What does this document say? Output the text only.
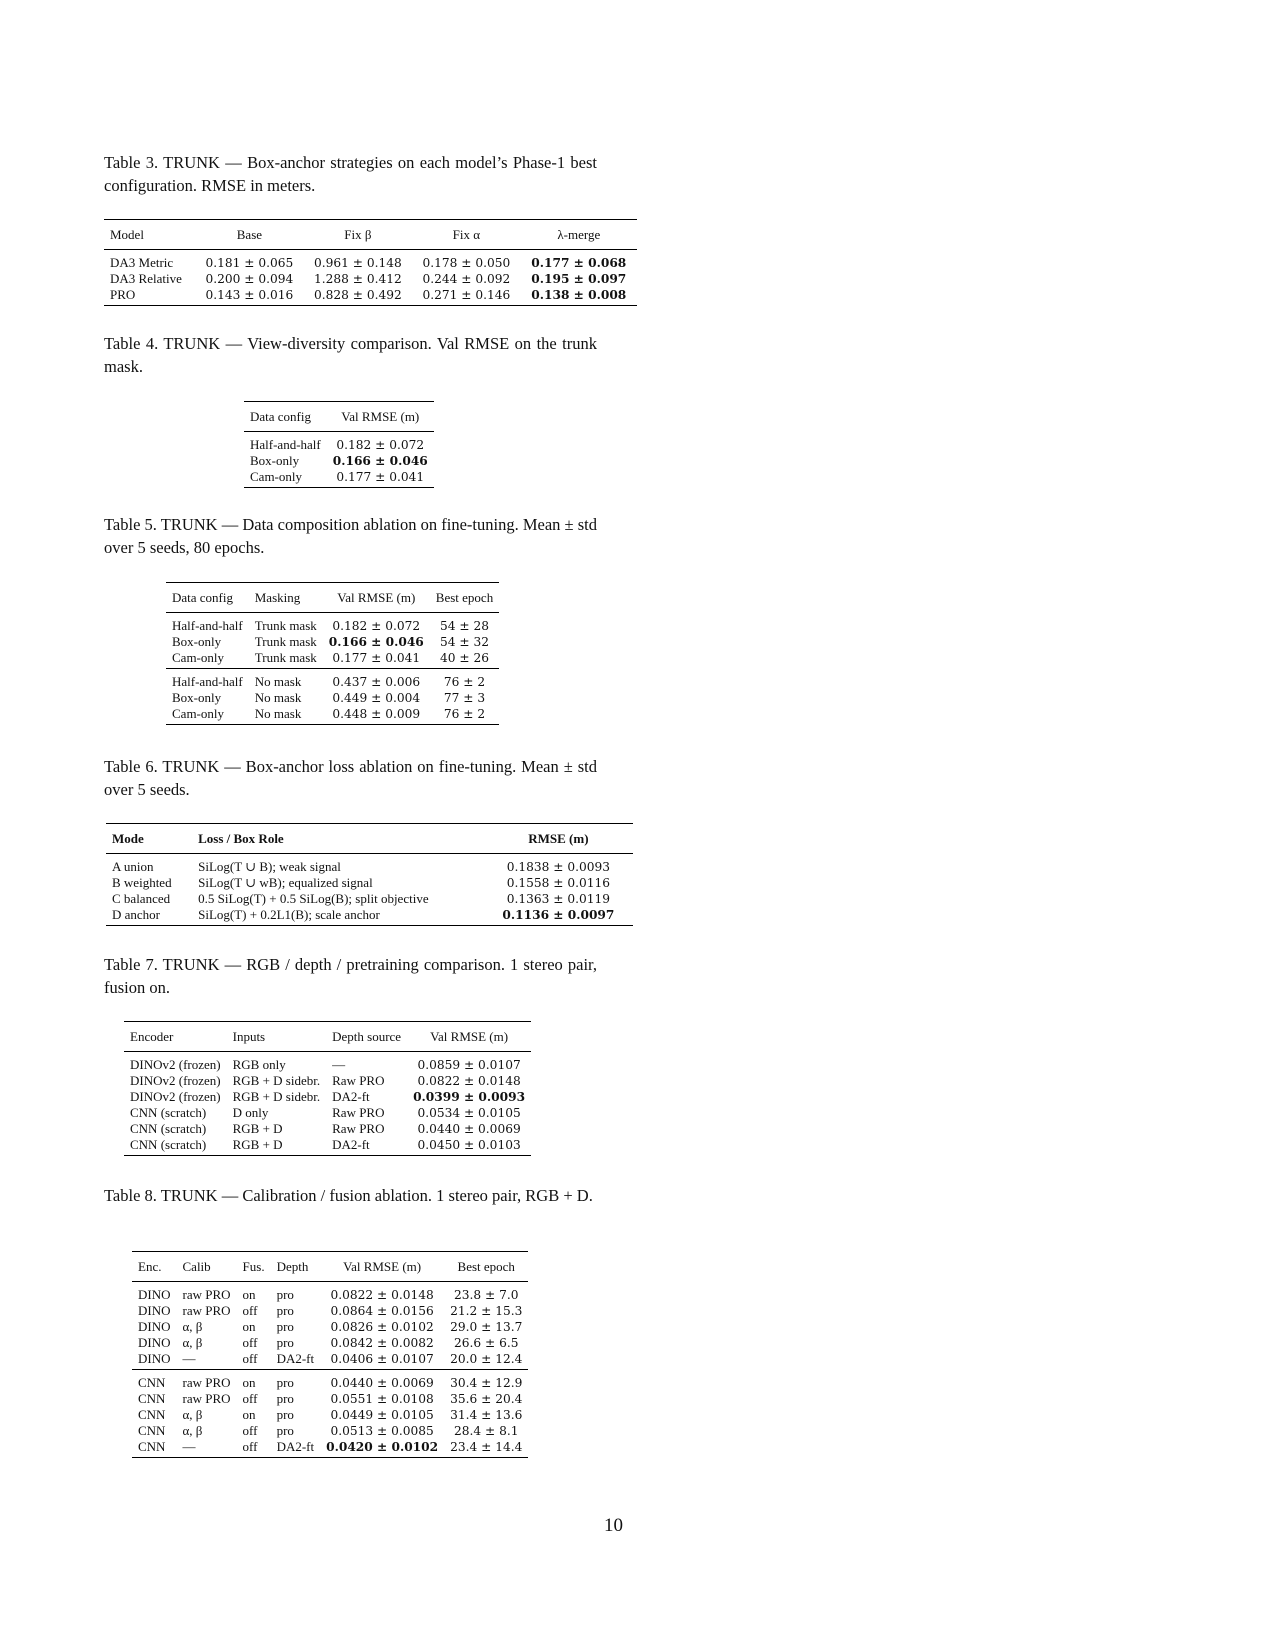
Table 3. TRUNK — Box-anchor strategies on each model’s Phase-1 best configuration. RMSE in meters.
Model	Base	Fix β	Fix α	λ-merge
DA3 Metric	0.181 ± 0.065	0.961 ± 0.148	0.178 ± 0.050	0.177 ± 0.068
DA3 Relative	0.200 ± 0.094	1.288 ± 0.412	0.244 ± 0.092	0.195 ± 0.097
PRO	0.143 ± 0.016	0.828 ± 0.492	0.271 ± 0.146	0.138 ± 0.008
Table 4. TRUNK — View-diversity comparison. Val RMSE on the trunk mask.
Data config	Val RMSE (m)
Half-and-half	0.182 ± 0.072
Box-only	0.166 ± 0.046
Cam-only	0.177 ± 0.041
Table 5. TRUNK — Data composition ablation on fine-tuning. Mean ± std over 5 seeds, 80 epochs.
Data config	Masking	Val RMSE (m)	Best epoch
Half-and-half	Trunk mask	0.182 ± 0.072	54 ± 28
Box-only	Trunk mask	0.166 ± 0.046	54 ± 32
Cam-only	Trunk mask	0.177 ± 0.041	40 ± 26
Half-and-half	No mask	0.437 ± 0.006	76 ± 2
Box-only	No mask	0.449 ± 0.004	77 ± 3
Cam-only	No mask	0.448 ± 0.009	76 ± 2
Table 6. TRUNK — Box-anchor loss ablation on fine-tuning. Mean ± std over 5 seeds.
Mode	Loss / Box Role	RMSE (m)
A union	SiLog(T ∪ B); weak signal	0.1838 ± 0.0093
B weighted	SiLog(T ∪ wB); equalized signal	0.1558 ± 0.0116
C balanced	0.5 SiLog(T) + 0.5 SiLog(B); split objective	0.1363 ± 0.0119
D anchor	SiLog(T) + 0.2L1(B); scale anchor	0.1136 ± 0.0097
Table 7. TRUNK — RGB / depth / pretraining comparison. 1 stereo pair, fusion on.
Encoder	Inputs	Depth source	Val RMSE (m)
DINOv2 (frozen)	RGB only	—	0.0859 ± 0.0107
DINOv2 (frozen)	RGB + D sidebr.	Raw PRO	0.0822 ± 0.0148
DINOv2 (frozen)	RGB + D sidebr.	DA2-ft	0.0399 ± 0.0093
CNN (scratch)	D only	Raw PRO	0.0534 ± 0.0105
CNN (scratch)	RGB + D	Raw PRO	0.0440 ± 0.0069
CNN (scratch)	RGB + D	DA2-ft	0.0450 ± 0.0103
Table 8. TRUNK — Calibration / fusion ablation. 1 stereo pair, RGB + D.
Enc.	Calib	Fus.	Depth	Val RMSE (m)	Best epoch
DINO	raw PRO	on	pro	0.0822 ± 0.0148	23.8 ± 7.0
DINO	raw PRO	off	pro	0.0864 ± 0.0156	21.2 ± 15.3
DINO	α, β	on	pro	0.0826 ± 0.0102	29.0 ± 13.7
DINO	α, β	off	pro	0.0842 ± 0.0082	26.6 ± 6.5
DINO	—	off	DA2-ft	0.0406 ± 0.0107	20.0 ± 12.4
CNN	raw PRO	on	pro	0.0440 ± 0.0069	30.4 ± 12.9
CNN	raw PRO	off	pro	0.0551 ± 0.0108	35.6 ± 20.4
CNN	α, β	on	pro	0.0449 ± 0.0105	31.4 ± 13.6
CNN	α, β	off	pro	0.0513 ± 0.0085	28.4 ± 8.1
CNN	—	off	DA2-ft	0.0420 ± 0.0102	23.4 ± 14.4
10
